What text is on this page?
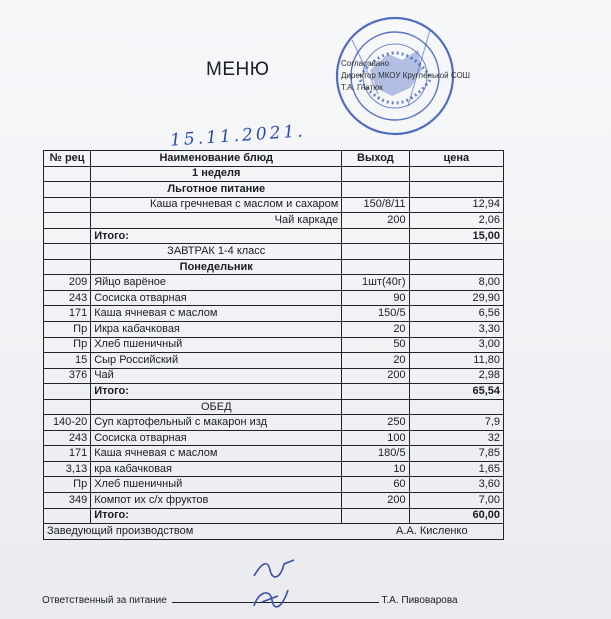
МЕНЮ	Согласовано
Директор МКОУ Кругленькой СОШ
Т.А. Гнатюк
15.11.2021.
№ рец	Наименование блюд	Выход	цена
	1 неделя		
	Льготное питание		
	Каша гречневая с маслом и сахаром	150/8/11	12,94
	Чай каркаде	200	2,06
	Итого:		15,00
	ЗАВТРАК 1-4 класс		
	Понедельник		
209	Яйцо варёное	1шт(40г)	8,00
243	Сосиска отварная	90	29,90
171	Каша ячневая с маслом	150/5	6,56
Пр	Икра кабачковая	20	3,30
Пр	Хлеб пшеничный	50	3,00
15	Сыр Российский	20	11,80
376	Чай	200	2,98
	Итого:		65,54
	ОБЕД		
140-20	Суп картофельный с макарон изд	250	7,9
243	Сосиска отварная	100	32
171	Каша ячневая с маслом	180/5	7,85
3,13	кра кабачковая	10	1,65
Пр	Хлеб пшеничный	60	3,60
349	Компот их с/х фруктов	200	7,00
	Итого:		60,00
Заведующий производством А.А. Кисленко			
Ответственный за питание	Т.А. Пивоварова
